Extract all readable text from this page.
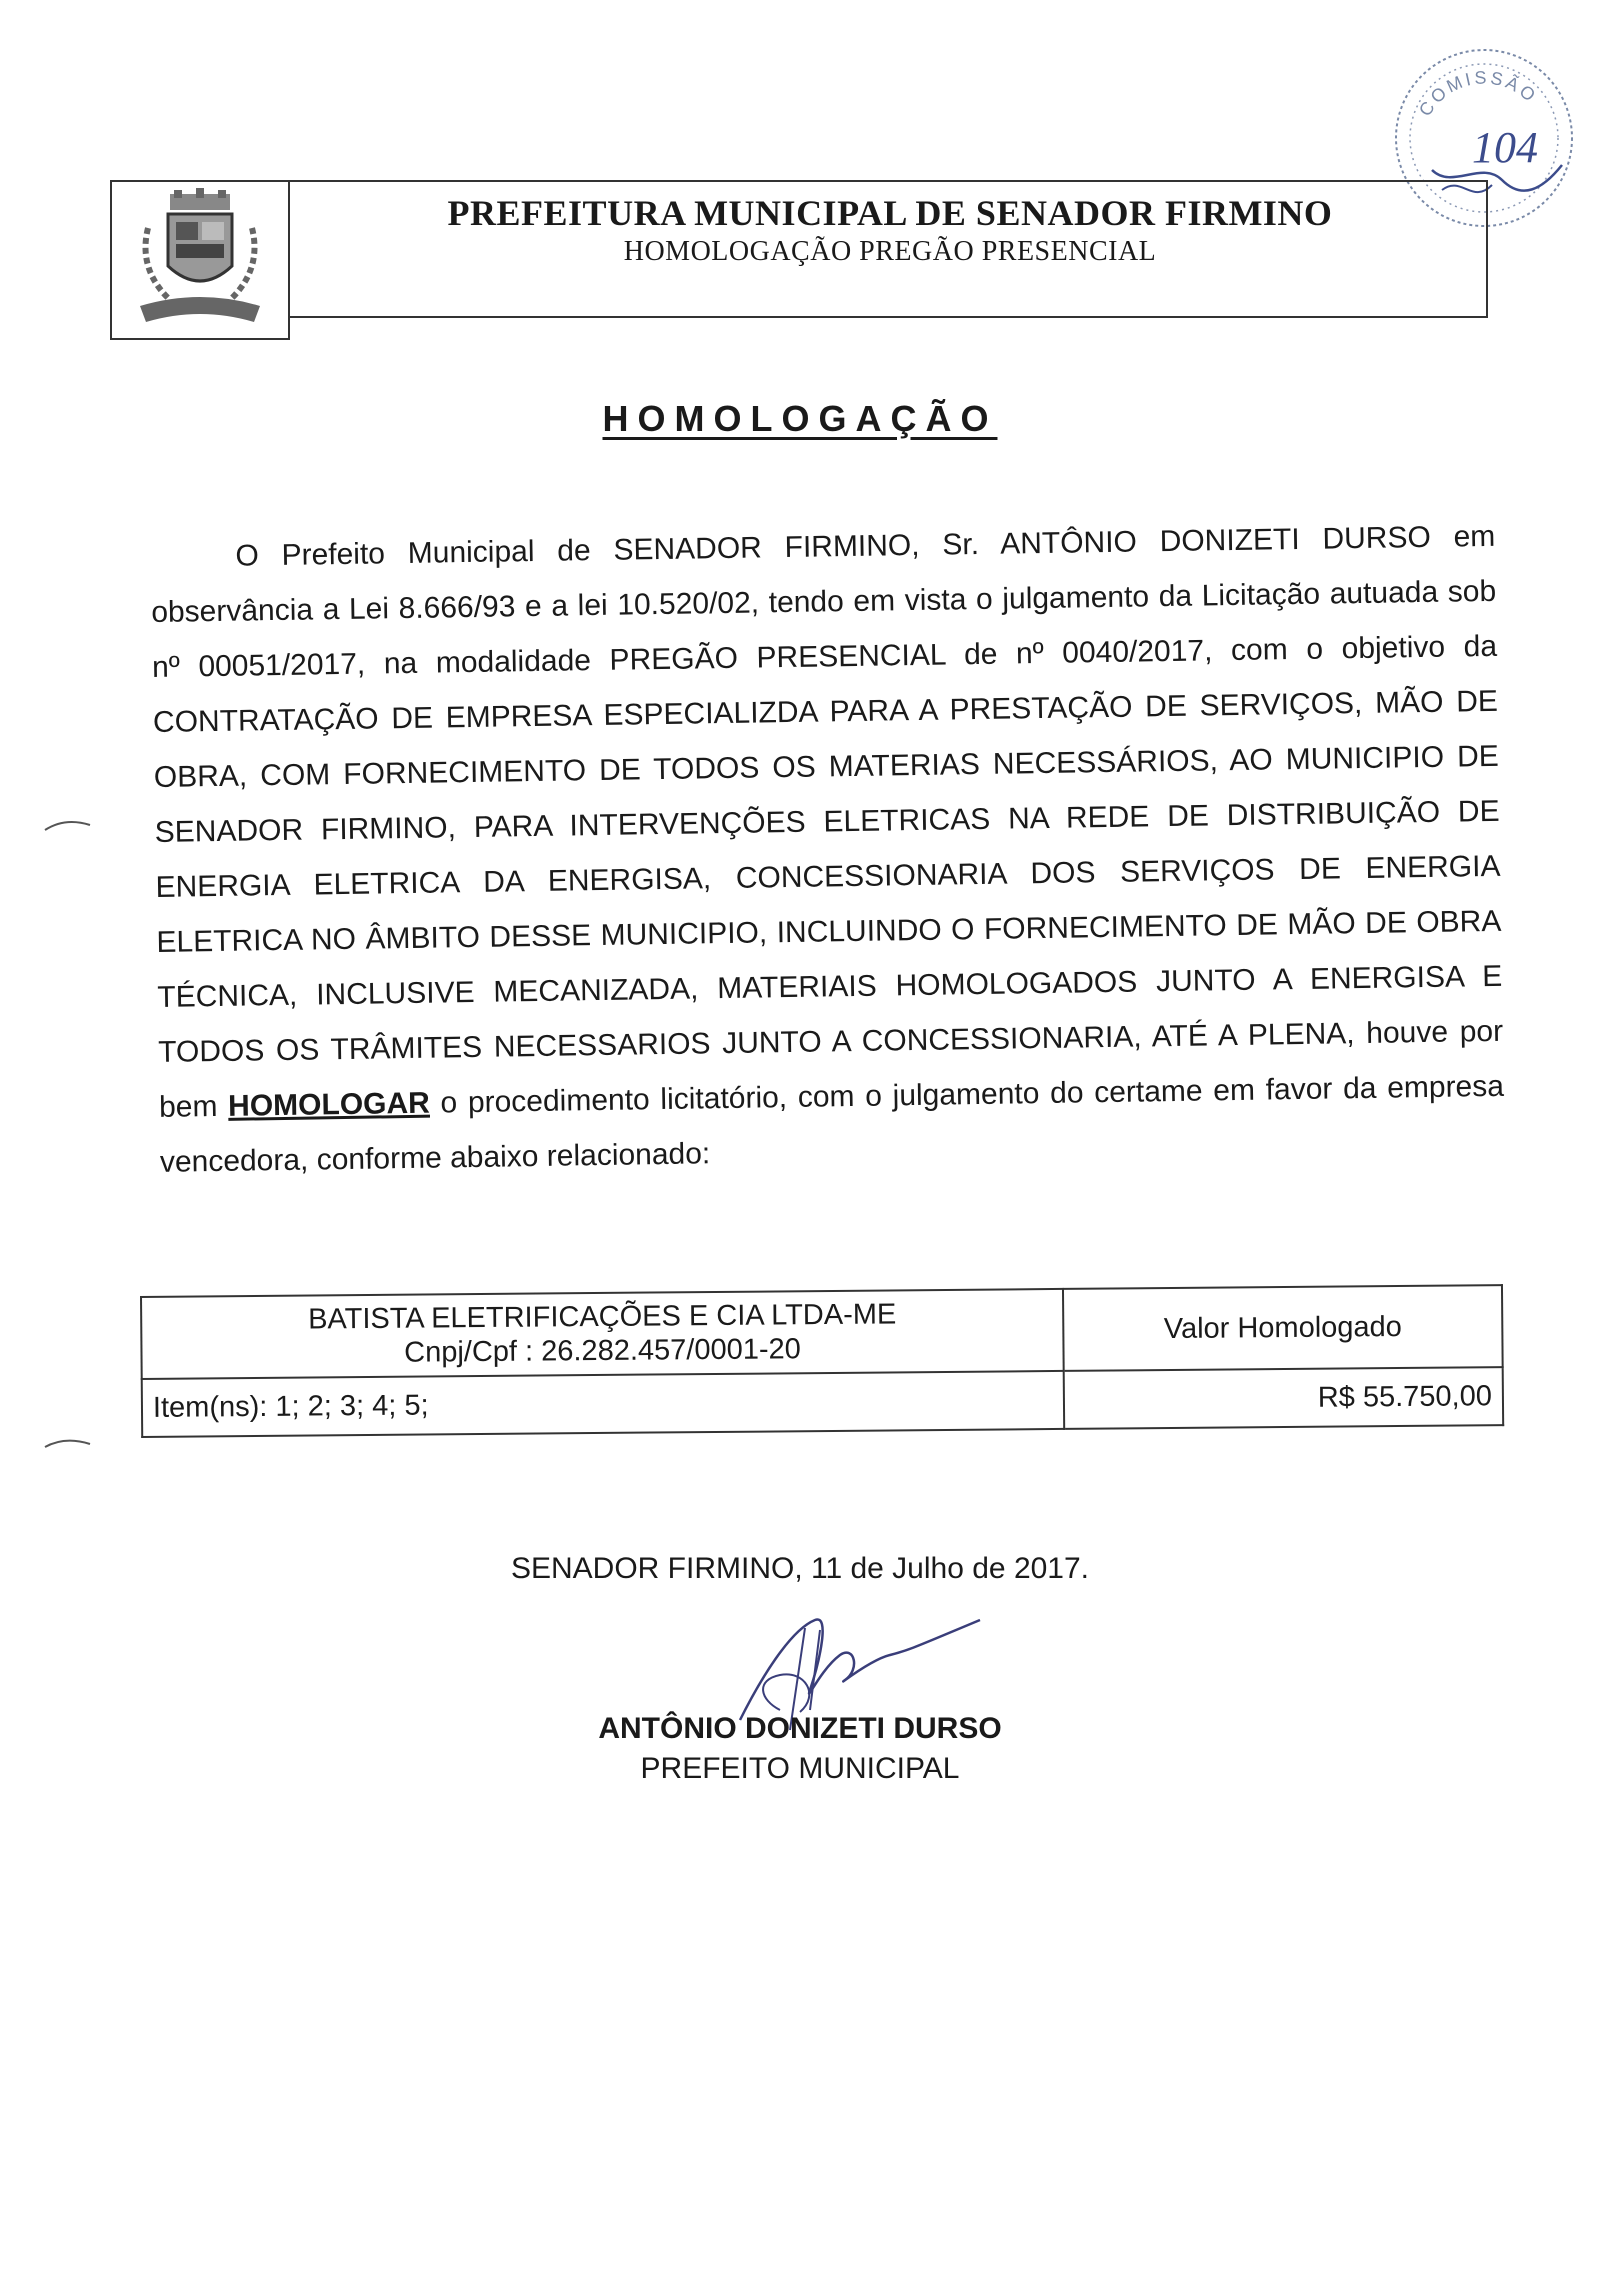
COMISSÃO
104
PREFEITURA MUNICIPAL DE SENADOR FIRMINO
HOMOLOGAÇÃO PREGÃO PRESENCIAL
HOMOLOGAÇÃO
O Prefeito Municipal de SENADOR FIRMINO, Sr. ANTÔNIO DONIZETI DURSO em observância a Lei 8.666/93 e a lei 10.520/02, tendo em vista o julgamento da Licitação autuada sob nº 00051/2017, na modalidade PREGÃO PRESENCIAL de nº 0040/2017, com o objetivo da CONTRATAÇÃO DE EMPRESA ESPECIALIZDA PARA A PRESTAÇÃO DE SERVIÇOS, MÃO DE OBRA, COM FORNECIMENTO DE TODOS OS MATERIAS NECESSÁRIOS, AO MUNICIPIO DE SENADOR FIRMINO, PARA INTERVENÇÕES ELETRICAS NA REDE DE DISTRIBUIÇÃO DE ENERGIA ELETRICA DA ENERGISA, CONCESSIONARIA DOS SERVIÇOS DE ENERGIA ELETRICA NO ÂMBITO DESSE MUNICIPIO, INCLUINDO O FORNECIMENTO DE MÃO DE OBRA TÉCNICA, INCLUSIVE MECANIZADA, MATERIAIS HOMOLOGADOS JUNTO A ENERGISA E TODOS OS TRÂMITES NECESSARIOS JUNTO A CONCESSIONARIA, ATÉ A PLENA, houve por bem HOMOLOGAR o procedimento licitatório, com o julgamento do certame em favor da empresa vencedora, conforme abaixo relacionado:
BATISTA ELETRIFICAÇÕES E CIA LTDA-ME
Cnpj/Cpf : 26.282.457/0001-20	Valor Homologado
Item(ns): 1; 2; 3; 4; 5;	R$ 55.750,00
SENADOR FIRMINO, 11 de Julho de 2017.
ANTÔNIO DONIZETI DURSO
PREFEITO MUNICIPAL
